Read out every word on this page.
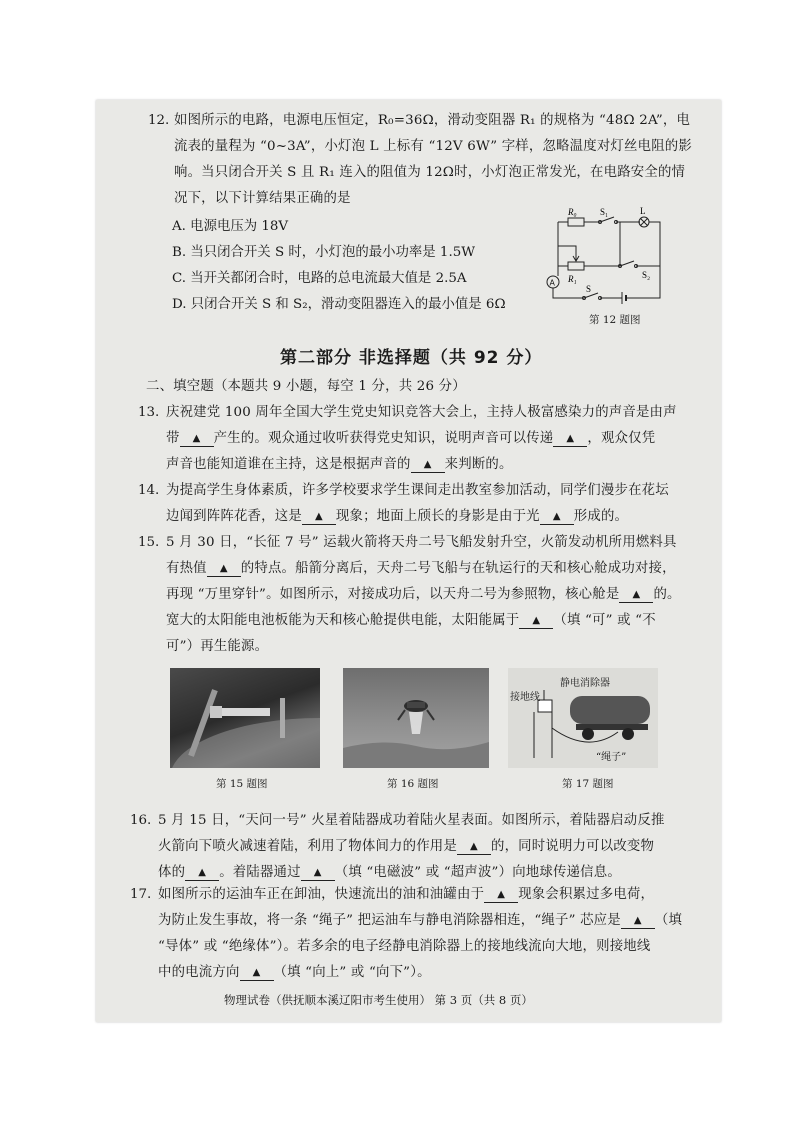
12. 如图所示的电路，电源电压恒定，R₀=36Ω，滑动变阻器 R₁ 的规格为 “48Ω 2A”，电
流表的量程为 “0~3A”，小灯泡 L 上标有 “12V 6W” 字样，忽略温度对灯丝电阻的影
响。当只闭合开关 S 且 R₁ 连入的阻值为 12Ω时，小灯泡正常发光，在电路安全的情
况下，以下计算结果正确的是
A. 电源电压为 18V
B. 当只闭合开关 S 时，小灯泡的最小功率是 1.5W
C. 当开关都闭合时，电路的总电流最大值是 2.5A
D. 只闭合开关 S 和 S₂，滑动变阻器连入的最小值是 6Ω
R₀	S₁	L
R₁	S₂
S
A
第 12 题图
第二部分 非选择题（共 92 分）
二、填空题（本题共 9 小题，每空 1 分，共 26 分）
13. 庆祝建党 100 周年全国大学生党史知识竞答大会上，主持人极富感染力的声音是由声
带 ▲ 产生的。观众通过收听获得党史知识，说明声音可以传递 ▲ ，观众仅凭
声音也能知道谁在主持，这是根据声音的 ▲ 来判断的。
14. 为提高学生身体素质，许多学校要求学生课间走出教室参加活动，同学们漫步在花坛
边闻到阵阵花香，这是 ▲ 现象；地面上颀长的身影是由于光 ▲ 形成的。
15. 5 月 30 日，“长征 7 号” 运载火箭将天舟二号飞船发射升空，火箭发动机所用燃料具
有热值 ▲ 的特点。船箭分离后，天舟二号飞船与在轨运行的天和核心舱成功对接，
再现 “万里穿针”。如图所示，对接成功后，以天舟二号为参照物，核心舱是 ▲ 的。
宽大的太阳能电池板能为天和核心舱提供电能，太阳能属于 ▲ （填 “可” 或 “不
可”）再生能源。
静电消除器
接地线
“绳子”
第 15 题图	第 16 题图	第 17 题图
16. 5 月 15 日，“天问一号” 火星着陆器成功着陆火星表面。如图所示，着陆器启动反推
火箭向下喷火减速着陆，利用了物体间力的作用是 ▲ 的，同时说明力可以改变物
体的 ▲ 。着陆器通过 ▲ （填 “电磁波” 或 “超声波”）向地球传递信息。
17. 如图所示的运油车正在卸油，快速流出的油和油罐由于 ▲ 现象会积累过多电荷，
为防止发生事故，将一条 “绳子” 把运油车与静电消除器相连，“绳子” 芯应是 ▲ （填
“导体” 或 “绝缘体”）。若多余的电子经静电消除器上的接地线流向大地，则接地线
中的电流方向 ▲ （填 “向上” 或 “向下”）。
物理试卷（供抚顺本溪辽阳市考生使用） 第 3 页（共 8 页）
